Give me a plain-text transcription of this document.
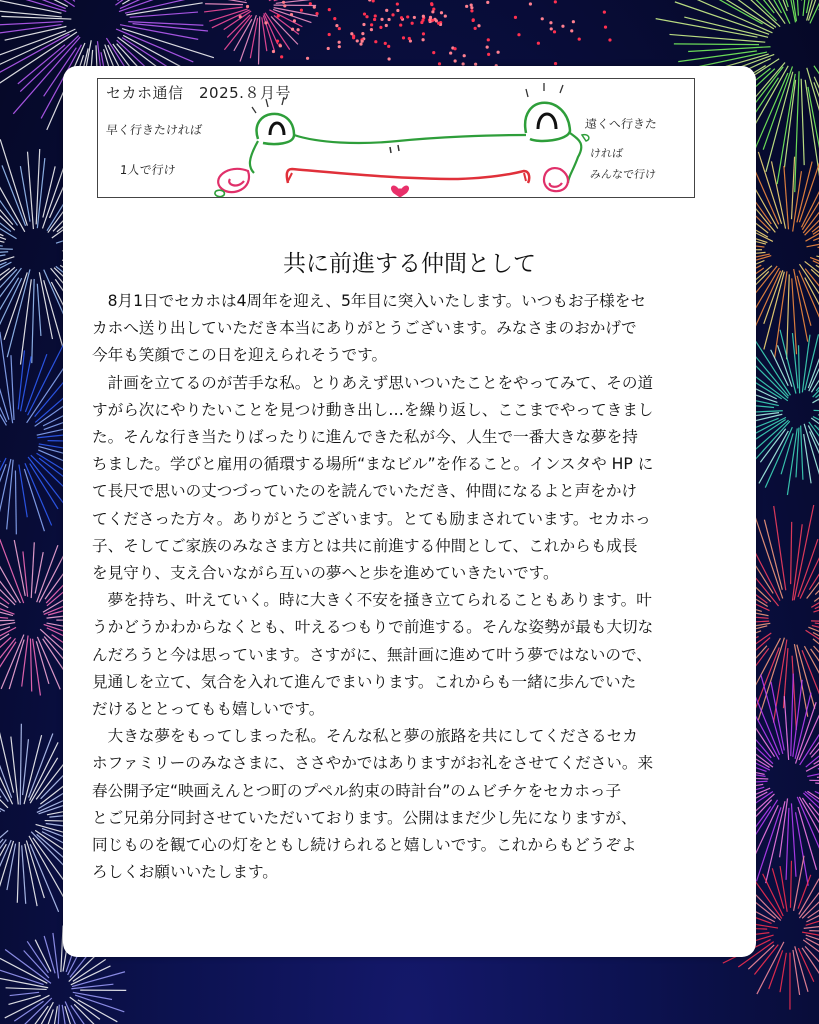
セカホ通信　2025.８月号
早く行きたければ
1人で行け
遠くへ行きた
ければ
みんなで行け
共に前進する仲間として
　8月1日でセカホは4周年を迎え、5年目に突入いたします。いつもお子様をセ
カホへ送り出していただき本当にありがとうございます。みなさまのおかげで
今年も笑顔でこの日を迎えられそうです。
　計画を立てるのが苦手な私。とりあえず思いついたことをやってみて、その道
すがら次にやりたいことを見つけ動き出し…を繰り返し、ここまでやってきまし
た。そんな行き当たりばったりに進んできた私が今、人生で一番大きな夢を持
ちました。学びと雇用の循環する場所“まなビル”を作ること。インスタや HP に
て長尺で思いの丈つづっていたのを読んでいただき、仲間になるよと声をかけ
てくださった方々。ありがとうございます。とても励まされています。セカホっ
子、そしてご家族のみなさま方とは共に前進する仲間として、これからも成長
を見守り、支え合いながら互いの夢へと歩を進めていきたいです。
　夢を持ち、叶えていく。時に大きく不安を掻き立てられることもあります。叶
うかどうかわからなくとも、叶えるつもりで前進する。そんな姿勢が最も大切な
んだろうと今は思っています。さすがに、無計画に進めて叶う夢ではないので、
見通しを立て、気合を入れて進んでまいります。これからも一緒に歩んでいた
だけるととってもも嬉しいです。
　大きな夢をもってしまった私。そんな私と夢の旅路を共にしてくださるセカ
ホファミリーのみなさまに、ささやかではありますがお礼をさせてください。来
春公開予定“映画えんとつ町のプペル約束の時計台”のムビチケをセカホっ子
とご兄弟分同封させていただいております。公開はまだ少し先になりますが、
同じものを観て心の灯をともし続けられると嬉しいです。これからもどうぞよ
ろしくお願いいたします。
